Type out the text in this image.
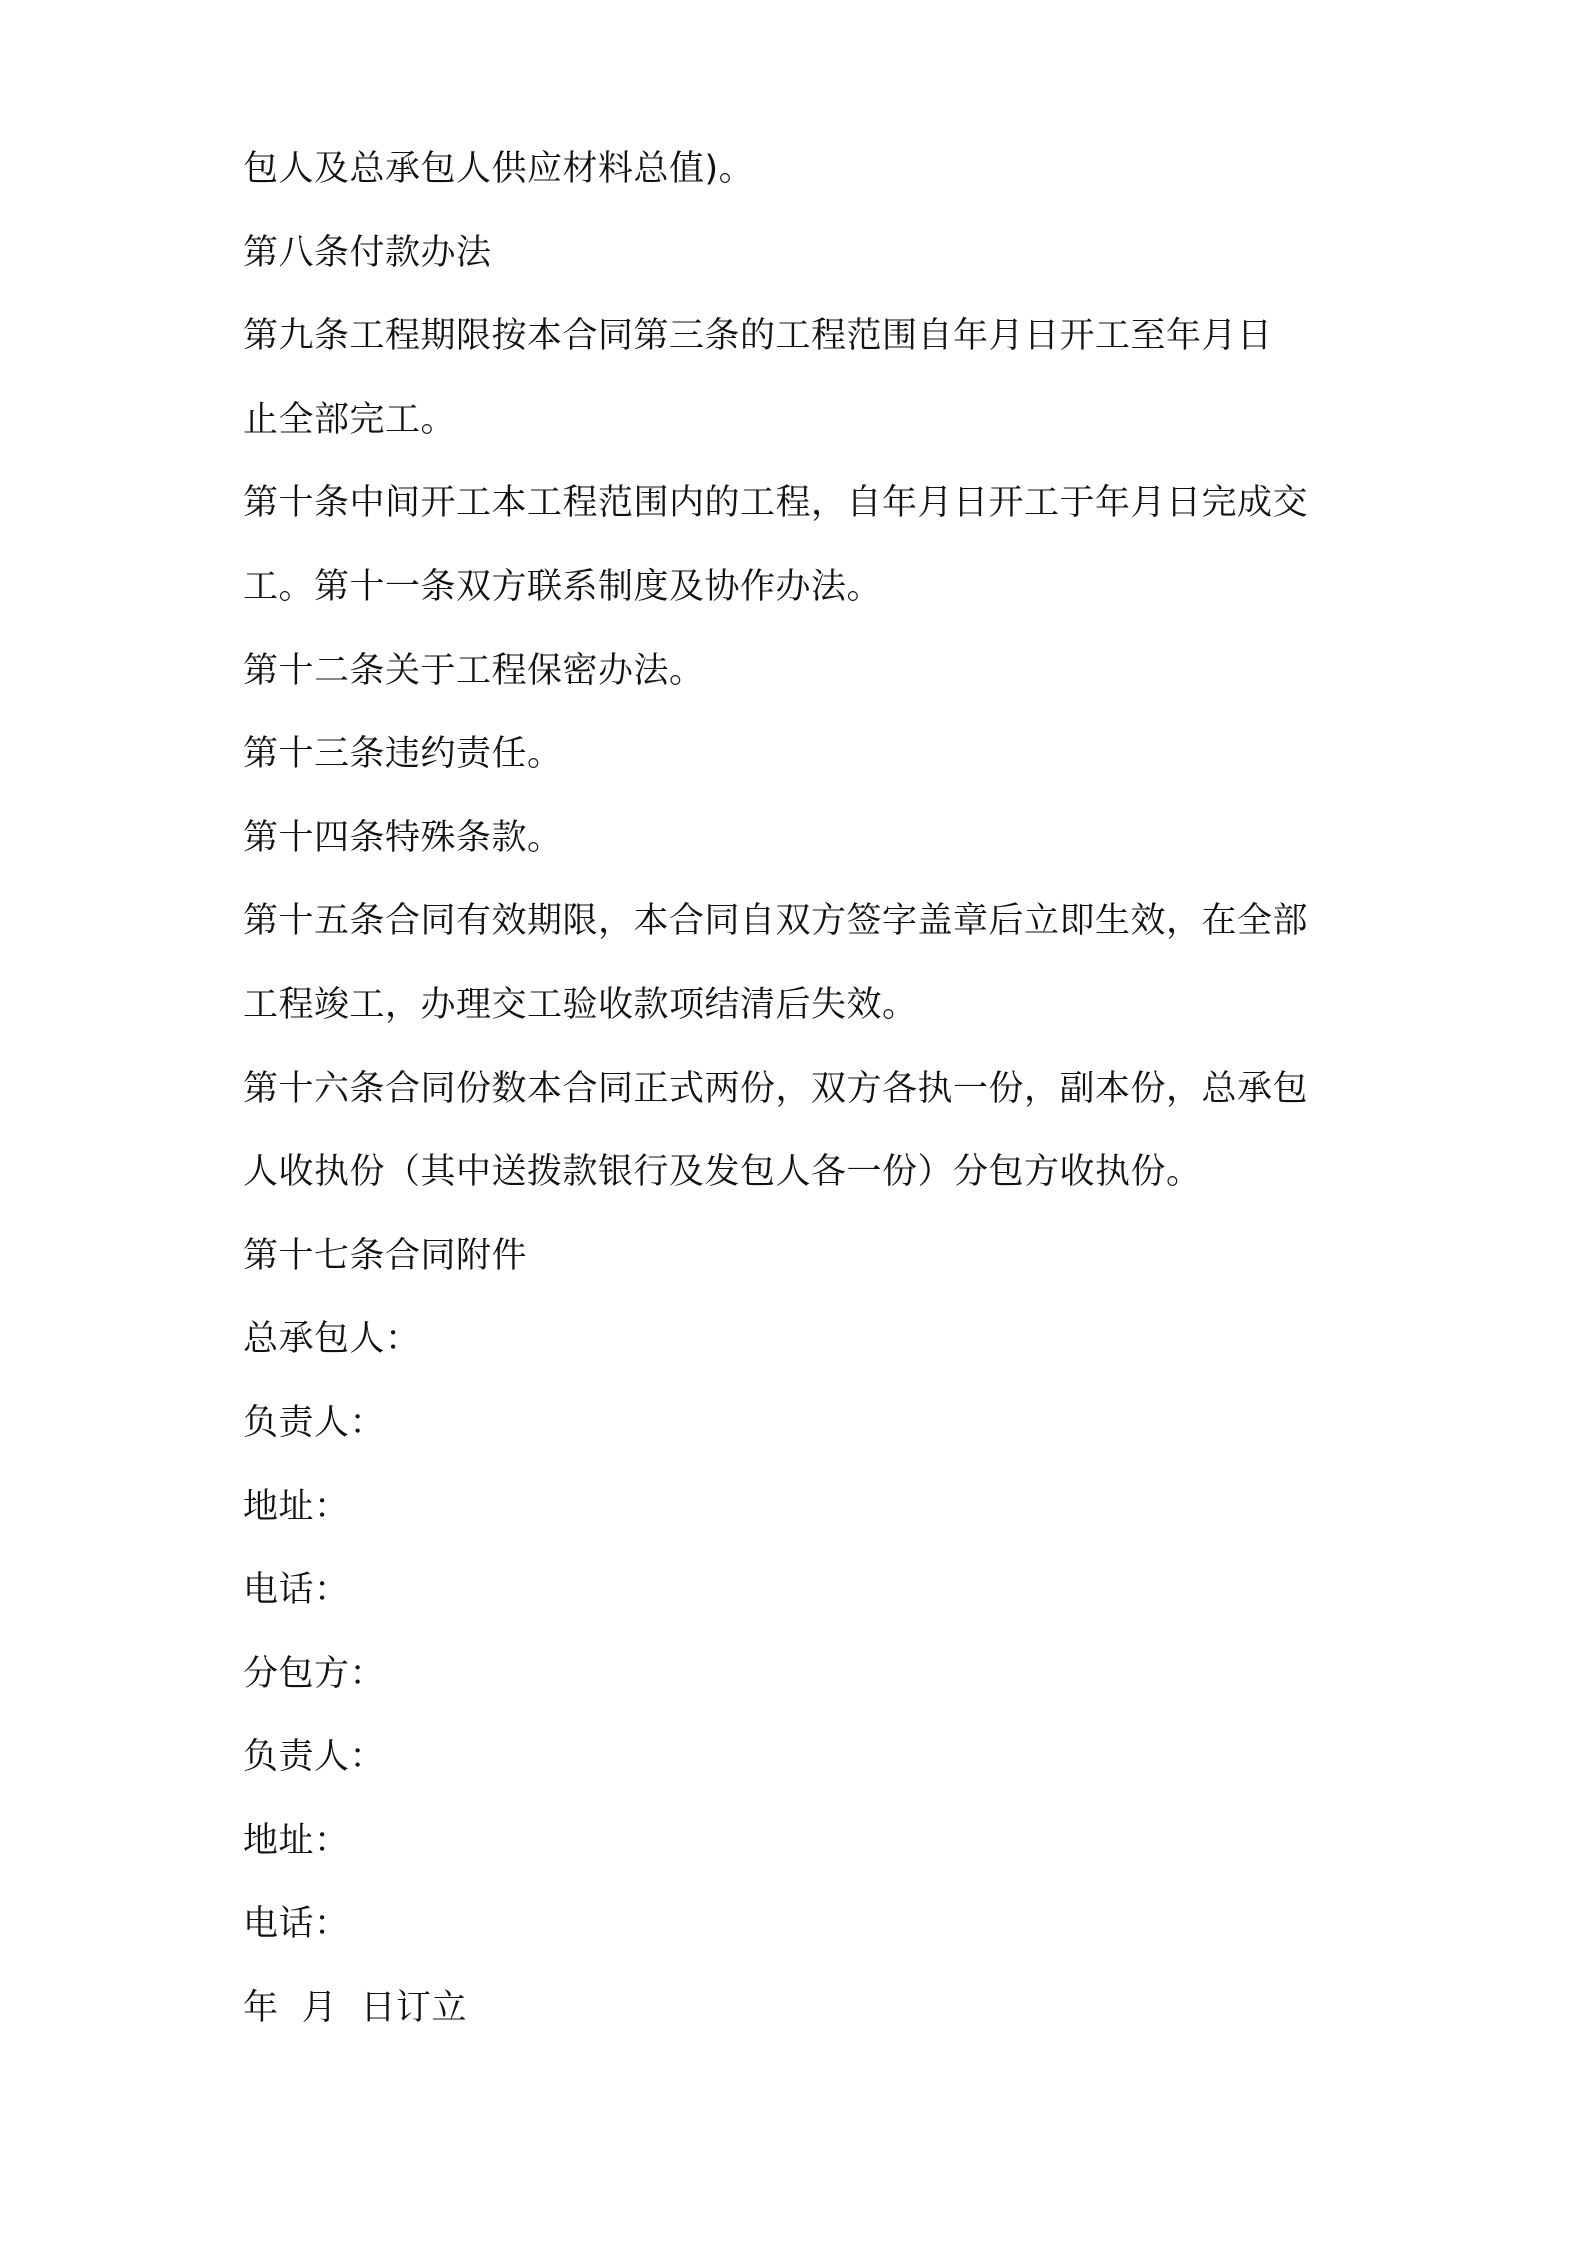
包人及总承包人供应材料总值)。
第八条付款办法
第九条工程期限按本合同第三条的工程范围自年月日开工至年月日
止全部完工。
第十条中间开工本工程范围内的工程，自年月日开工于年月日完成交
工。第十一条双方联系制度及协作办法。
第十二条关于工程保密办法。
第十三条违约责任。
第十四条特殊条款。
第十五条合同有效期限，本合同自双方签字盖章后立即生效，在全部
工程竣工，办理交工验收款项结清后失效。
第十六条合同份数本合同正式两份，双方各执一份，副本份，总承包
人收执份（其中送拨款银行及发包人各一份）分包方收执份。
第十七条合同附件
总承包人：
负责人：
地址：
电话：
分包方：
负责人：
地址：
电话：
年  月  日订立
